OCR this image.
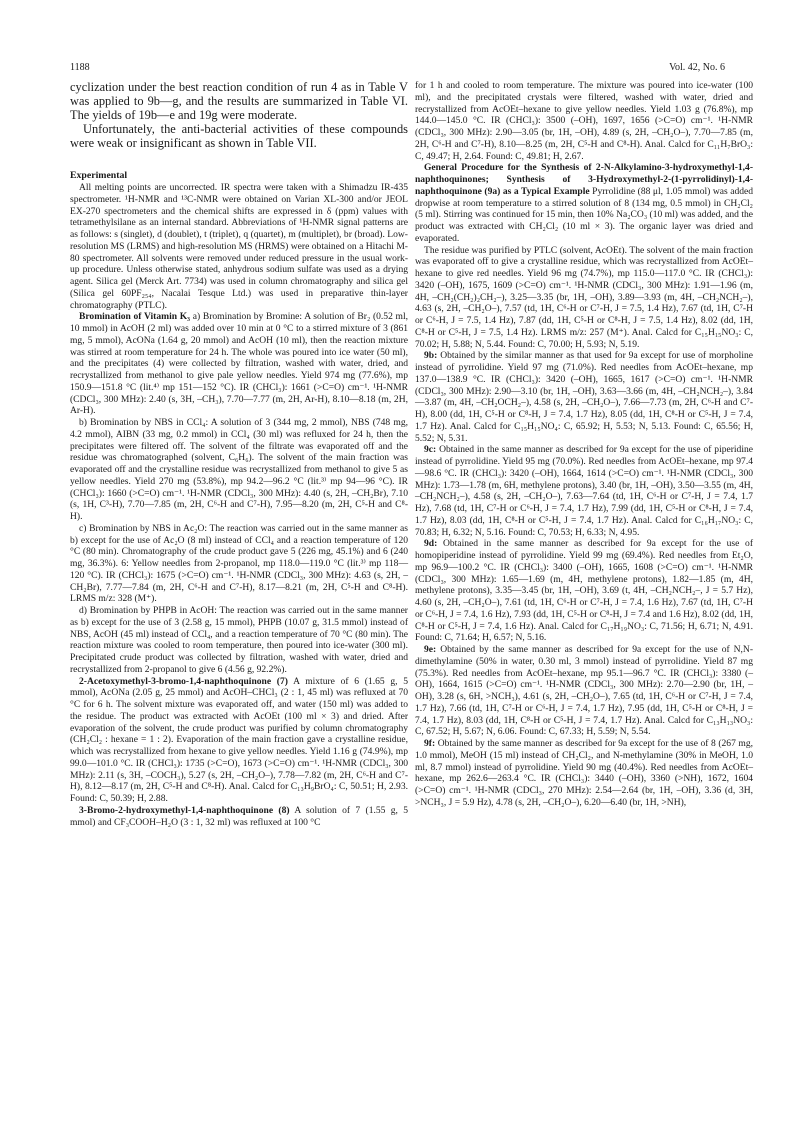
1188	Vol. 42, No. 6

cyclization under the best reaction condition of run 4 as in Table V was applied to 9b—g, and the results are summarized in Table VI. The yields of 19b—e and 19g were moderate.

Unfortunately, the anti-bacterial activities of these compounds were weak or insignificant as shown in Table VII.

Experimental

All melting points are uncorrected. IR spectra were taken with a Shimadzu IR-435 spectrometer. ¹H-NMR and ¹³C-NMR were obtained on Varian XL-300 and/or JEOL EX-270 spectrometers and the chemical shifts are expressed in δ (ppm) values with tetramethylsilane as an internal standard. Abbreviations of ¹H-NMR signal patterns are as follows: s (singlet), d (doublet), t (triplet), q (quartet), m (multiplet), br (broad). Low-resolution MS (LRMS) and high-resolution MS (HRMS) were obtained on a Hitachi M-80 spectrometer. All solvents were removed under reduced pressure in the usual work-up procedure. Unless otherwise stated, anhydrous sodium sulfate was used as a drying agent. Silica gel (Merck Art. 7734) was used in column chromatography and silica gel (Silica gel 60PF₂₅₄, Nacalai Tesque Ltd.) was used in preparative thin-layer chromatography (PTLC).

Bromination of Vitamin K₃ a) Bromination by Bromine: A solution of Br₂ (0.52 ml, 10 mmol) in AcOH (2 ml) was added over 10 min at 0 °C to a stirred mixture of 3 (861 mg, 5 mmol), AcONa (1.64 g, 20 mmol) and AcOH (10 ml), then the reaction mixture was stirred at room temperature for 24 h. The whole was poured into ice water (50 ml), and the precipitates (4) were collected by filtration, washed with water, dried, and recrystallized from methanol to give pale yellow needles. Yield 974 mg (77.6%), mp 150.9—151.8 °C (lit.⁴⁾ mp 151—152 °C). IR (CHCl₃): 1661 (>C=O) cm⁻¹. ¹H-NMR (CDCl₃, 300 MHz): 2.40 (s, 3H, –CH₃), 7.70—7.77 (m, 2H, Ar-H), 8.10—8.18 (m, 2H, Ar-H).

b) Bromination by NBS in CCl₄: A solution of 3 (344 mg, 2 mmol), NBS (748 mg, 4.2 mmol), AIBN (33 mg, 0.2 mmol) in CCl₄ (30 ml) was refluxed for 24 h, then the precipitates were filtered off. The solvent of the filtrate was evaporated off and the residue was chromatographed (solvent, C₆H₆). The solvent of the main fraction was evaporated off and the crystalline residue was recrystallized from methanol to give 5 as yellow needles. Yield 270 mg (53.8%), mp 94.2—96.2 °C (lit.³⁾ mp 94—96 °C). IR (CHCl₃): 1660 (>C=O) cm⁻¹. ¹H-NMR (CDCl₃, 300 MHz): 4.40 (s, 2H, –CH₂Br), 7.10 (s, 1H, C³-H), 7.70—7.85 (m, 2H, C⁶-H and C⁷-H), 7.95—8.20 (m, 2H, C⁵-H and C⁸-H).

c) Bromination by NBS in Ac₂O: The reaction was carried out in the same manner as b) except for the use of Ac₂O (8 ml) instead of CCl₄ and a reaction temperature of 120 °C (80 min). Chromatography of the crude product gave 5 (226 mg, 45.1%) and 6 (240 mg, 36.3%). 6: Yellow needles from 2-propanol, mp 118.0—119.0 °C (lit.³⁾ mp 118—120 °C). IR (CHCl₃): 1675 (>C=O) cm⁻¹. ¹H-NMR (CDCl₃, 300 MHz): 4.63 (s, 2H, –CH₂Br), 7.77—7.84 (m, 2H, C⁶-H and C⁷-H), 8.17—8.21 (m, 2H, C⁵-H and C⁸-H). LRMS m/z: 328 (M⁺).

d) Bromination by PHPB in AcOH: The reaction was carried out in the same manner as b) except for the use of 3 (2.58 g, 15 mmol), PHPB (10.07 g, 31.5 mmol) instead of NBS, AcOH (45 ml) instead of CCl₄, and a reaction temperature of 70 °C (80 min). The reaction mixture was cooled to room temperature, then poured into ice-water (300 ml). Precipitated crude product was collected by filtration, washed with water, dried and recrystallized from 2-propanol to give 6 (4.56 g, 92.2%).

2-Acetoxymethyl-3-bromo-1,4-naphthoquinone (7) A mixture of 6 (1.65 g, 5 mmol), AcONa (2.05 g, 25 mmol) and AcOH–CHCl₃ (2 : 1, 45 ml) was refluxed at 70 °C for 6 h. The solvent mixture was evaporated off, and water (150 ml) was added to the residue. The product was extracted with AcOEt (100 ml × 3) and dried. After evaporation of the solvent, the crude product was purified by column chromatography (CH₂Cl₂ : hexane = 1 : 2). Evaporation of the main fraction gave a crystalline residue, which was recrystallized from hexane to give yellow needles. Yield 1.16 g (74.9%), mp 99.0—101.0 °C. IR (CHCl₃): 1735 (>C=O), 1673 (>C=O) cm⁻¹. ¹H-NMR (CDCl₃, 300 MHz): 2.11 (s, 3H, –COCH₃), 5.27 (s, 2H, –CH₂O–), 7.78—7.82 (m, 2H, C⁶-H and C⁷-H), 8.12—8.17 (m, 2H, C⁵-H and C⁸-H). Anal. Calcd for C₁₃H₉BrO₄: C, 50.51; H, 2.93. Found: C, 50.39; H, 2.88.

3-Bromo-2-hydroxymethyl-1,4-naphthoquinone (8) A solution of 7 (1.55 g, 5 mmol) and CF₃COOH–H₂O (3 : 1, 32 ml) was refluxed at 100 °C

for 1 h and cooled to room temperature. The mixture was poured into ice-water (100 ml), and the precipitated crystals were filtered, washed with water, dried and recrystallized from AcOEt–hexane to give yellow needles. Yield 1.03 g (76.8%), mp 144.0—145.0 °C. IR (CHCl₃): 3500 (–OH), 1697, 1656 (>C=O) cm⁻¹. ¹H-NMR (CDCl₃, 300 MHz): 2.90—3.05 (br, 1H, –OH), 4.89 (s, 2H, –CH₂O–), 7.70—7.85 (m, 2H, C⁶-H and C⁷-H), 8.10—8.25 (m, 2H, C⁵-H and C⁸-H). Anal. Calcd for C₁₁H₇BrO₃: C, 49.47; H, 2.64. Found: C, 49.81; H, 2.67.

General Procedure for the Synthesis of 2-N-Alkylamino-3-hydroxymethyl-1,4-naphthoquinones; Synthesis of 3-Hydroxymethyl-2-(1-pyrrolidinyl)-1,4-naphthoquinone (9a) as a Typical Example Pyrrolidine (88 μl, 1.05 mmol) was added dropwise at room temperature to a stirred solution of 8 (134 mg, 0.5 mmol) in CH₂Cl₂ (5 ml). Stirring was continued for 15 min, then 10% Na₂CO₃ (10 ml) was added, and the product was extracted with CH₂Cl₂ (10 ml × 3). The organic layer was dried and evaporated.

The residue was purified by PTLC (solvent, AcOEt). The solvent of the main fraction was evaporated off to give a crystalline residue, which was recrystallized from AcOEt–hexane to give red needles. Yield 96 mg (74.7%), mp 115.0—117.0 °C. IR (CHCl₃): 3420 (–OH), 1675, 1609 (>C=O) cm⁻¹. ¹H-NMR (CDCl₃, 300 MHz): 1.91—1.96 (m, 4H, –CH₂(CH₂)₂CH₂–), 3.25—3.35 (br, 1H, –OH), 3.89—3.93 (m, 4H, –CH₂NCH₂–), 4.63 (s, 2H, –CH₂O–), 7.57 (td, 1H, C⁶-H or C⁷-H, J = 7.5, 1.4 Hz), 7.67 (td, 1H, C⁷-H or C⁶-H, J = 7.5, 1.4 Hz), 7.87 (dd, 1H, C⁵-H or C⁸-H, J = 7.5, 1.4 Hz), 8.02 (dd, 1H, C⁸-H or C⁵-H, J = 7.5, 1.4 Hz). LRMS m/z: 257 (M⁺). Anal. Calcd for C₁₅H₁₅NO₃: C, 70.02; H, 5.88; N, 5.44. Found: C, 70.00; H, 5.93; N, 5.19.

9b: Obtained by the similar manner as that used for 9a except for use of morpholine instead of pyrrolidine. Yield 97 mg (71.0%). Red needles from AcOEt–hexane, mp 137.0—138.9 °C. IR (CHCl₃): 3420 (–OH), 1665, 1617 (>C=O) cm⁻¹. ¹H-NMR (CDCl₃, 300 MHz): 2.90—3.10 (br, 1H, –OH), 3.63—3.66 (m, 4H, –CH₂NCH₂–), 3.84—3.87 (m, 4H, –CH₂OCH₂–), 4.58 (s, 2H, –CH₂O–), 7.66—7.73 (m, 2H, C⁶-H and C⁷-H), 8.00 (dd, 1H, C⁵-H or C⁸-H, J = 7.4, 1.7 Hz), 8.05 (dd, 1H, C⁸-H or C⁵-H, J = 7.4, 1.7 Hz). Anal. Calcd for C₁₅H₁₅NO₄: C, 65.92; H, 5.53; N, 5.13. Found: C, 65.56; H, 5.52; N, 5.31.

9c: Obtained in the same manner as described for 9a except for the use of piperidine instead of pyrrolidine. Yield 95 mg (70.0%). Red needles from AcOEt–hexane, mp 97.4—98.6 °C. IR (CHCl₃): 3420 (–OH), 1664, 1614 (>C=O) cm⁻¹. ¹H-NMR (CDCl₃, 300 MHz): 1.73—1.78 (m, 6H, methylene protons), 3.40 (br, 1H, –OH), 3.50—3.55 (m, 4H, –CH₂NCH₂–), 4.58 (s, 2H, –CH₂O–), 7.63—7.64 (td, 1H, C⁶-H or C⁷-H, J = 7.4, 1.7 Hz), 7.68 (td, 1H, C⁷-H or C⁶-H, J = 7.4, 1.7 Hz), 7.99 (dd, 1H, C⁵-H or C⁸-H, J = 7.4, 1.7 Hz), 8.03 (dd, 1H, C⁸-H or C⁵-H, J = 7.4, 1.7 Hz). Anal. Calcd for C₁₆H₁₇NO₃: C, 70.83; H, 6.32; N, 5.16. Found: C, 70.53; H, 6.33; N, 4.95.

9d: Obtained in the same manner as described for 9a except for the use of homopiperidine instead of pyrrolidine. Yield 99 mg (69.4%). Red needles from Et₂O, mp 96.9—100.2 °C. IR (CHCl₃): 3400 (–OH), 1665, 1608 (>C=O) cm⁻¹. ¹H-NMR (CDCl₃, 300 MHz): 1.65—1.69 (m, 4H, methylene protons), 1.82—1.85 (m, 4H, methylene protons), 3.35—3.45 (br, 1H, –OH), 3.69 (t, 4H, –CH₂NCH₂–, J = 5.7 Hz), 4.60 (s, 2H, –CH₂O–), 7.61 (td, 1H, C⁶-H or C⁷-H, J = 7.4, 1.6 Hz), 7.67 (td, 1H, C⁷-H or C⁶-H, J = 7.4, 1.6 Hz), 7.93 (dd, 1H, C⁵-H or C⁸-H, J = 7.4 and 1.6 Hz), 8.02 (dd, 1H, C⁸-H or C⁵-H, J = 7.4, 1.6 Hz). Anal. Calcd for C₁₇H₁₉NO₃: C, 71.56; H, 6.71; N, 4.91. Found: C, 71.64; H, 6.57; N, 5.16.

9e: Obtained by the same manner as described for 9a except for the use of N,N-dimethylamine (50% in water, 0.30 ml, 3 mmol) instead of pyrrolidine. Yield 87 mg (75.3%). Red needles from AcOEt–hexane, mp 95.1—96.7 °C. IR (CHCl₃): 3380 (–OH), 1664, 1615 (>C=O) cm⁻¹. ¹H-NMR (CDCl₃, 300 MHz): 2.70—2.90 (br, 1H, –OH), 3.28 (s, 6H, >NCH₃), 4.61 (s, 2H, –CH₂O–), 7.65 (td, 1H, C⁶-H or C⁷-H, J = 7.4, 1.7 Hz), 7.66 (td, 1H, C⁷-H or C⁶-H, J = 7.4, 1.7 Hz), 7.95 (dd, 1H, C⁵-H or C⁸-H, J = 7.4, 1.7 Hz), 8.03 (dd, 1H, C⁸-H or C⁵-H, J = 7.4, 1.7 Hz). Anal. Calcd for C₁₃H₁₃NO₃: C, 67.52; H, 5.67; N, 6.06. Found: C, 67.33; H, 5.59; N, 5.54.

9f: Obtained by the same manner as described for 9a except for the use of 8 (267 mg, 1.0 mmol), MeOH (15 ml) instead of CH₂Cl₂, and N-methylamine (30% in MeOH, 1.0 ml, 8.7 mmol) instead of pyrrolidine. Yield 90 mg (40.4%). Red needles from AcOEt–hexane, mp 262.6—263.4 °C. IR (CHCl₃): 3440 (–OH), 3360 (>NH), 1672, 1604 (>C=O) cm⁻¹. ¹H-NMR (CDCl₃, 270 MHz): 2.54—2.64 (br, 1H, –OH), 3.36 (d, 3H, >NCH₃, J = 5.9 Hz), 4.78 (s, 2H, –CH₂O–), 6.20—6.40 (br, 1H, >NH),
